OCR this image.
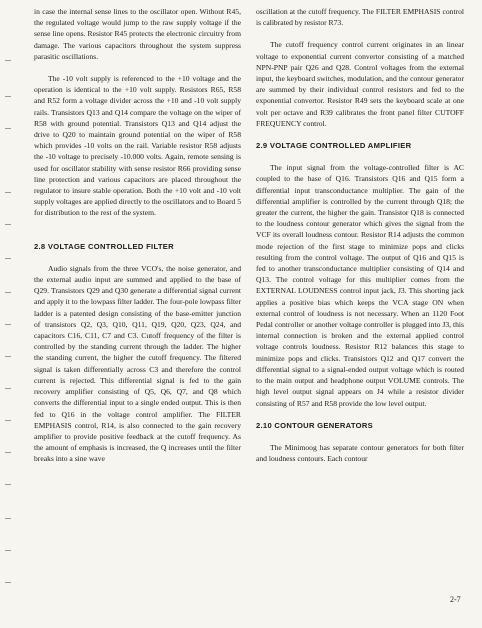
in case the internal sense lines to the oscillator open. Without R45, the regulated voltage would jump to the raw supply voltage if the sense line opens. Resistor R45 protects the electronic circuitry from damage. The various capacitors throughout the system suppress parasitic oscillations.

The -10 volt supply is referenced to the +10 voltage and the operation is identical to the +10 volt supply. Resistors R65, R58 and R52 form a voltage divider across the +10 and -10 volt supply rails. Transistors Q13 and Q14 compare the voltage on the wiper of R58 with ground potential. Transistors Q13 and Q14 adjust the drive to Q20 to maintain ground potential on the wiper of R58 which provides -10 volts on the rail. Variable resistor R58 adjusts the -10 voltage to precisely -10.000 volts. Again, remote sensing is used for oscillator stability with sense resistor R66 providing sense line protection and various capacitors are placed throughout the regulator to insure stable operation. Both the +10 volt and -10 volt supply voltages are applied directly to the oscillators and to Board 5 for distribution to the rest of the system.

2.8 VOLTAGE CONTROLLED FILTER

Audio signals from the three VCO's, the noise generator, and the external audio input are summed and applied to the base of Q29. Transistors Q29 and Q30 generate a differential signal current and apply it to the lowpass filter ladder. The four-pole lowpass filter ladder is a patented design consisting of the base-emitter junction of transistors Q2, Q3, Q10, Q11, Q19, Q20, Q23, Q24, and capacitors C16, C11, C7 and C3. Cutoff frequency of the filter is controlled by the standing current through the ladder. The higher the standing current, the higher the cutoff frequency. The filtered signal is taken differentially across C3 and therefore the control current is rejected. This differential signal is fed to the gain recovery amplifier consisting of Q5, Q6, Q7, and Q8 which converts the differential input to a single ended output. This is then fed to Q16 in the voltage control amplifier. The FILTER EMPHASIS control, R14, is also connected to the gain recovery amplifier to provide positive feedback at the cutoff frequency. As the amount of emphasis is increased, the Q increases until the filter breaks into a sine wave

oscillation at the cutoff frequency. The FILTER EMPHASIS control is calibrated by resistor R73.

The cutoff frequency control current originates in an linear voltage to exponential current convertor consisting of a matched NPN-PNP pair Q26 and Q28. Control voltages from the external input, the keyboard switches, modulation, and the contour generator are summed by their individual control resistors and fed to the exponential convertor. Resistor R49 sets the keyboard scale at one volt per octave and R39 calibrates the front panel filter CUTOFF FREQUENCY control.

2.9 VOLTAGE CONTROLLED AMPLIFIER

The input signal from the voltage-controlled filter is AC coupled to the base of Q16. Transistors Q16 and Q15 form a differential input transconductance multiplier. The gain of the differential amplifier is controlled by the current through Q18; the greater the current, the higher the gain. Transistor Q18 is connected to the loudness contour generator which gives the signal from the VCF its overall loudness contour. Resistor R14 adjusts the common mode rejection of the first stage to minimize pops and clicks resulting from the control voltage. The output of Q16 and Q15 is fed to another transconductance multiplier consisting of Q14 and Q13. The control voltage for this multiplier comes from the EXTERNAL LOUDNESS control input jack, J3. This shorting jack applies a positive bias which keeps the VCA stage ON when external control of loudness is not necessary. When an 1120 Foot Pedal controller or another voltage controller is plugged into J3, this internal connection is broken and the external applied control voltage controls loudness. Resistor R12 balances this stage to minimize pops and clicks. Transistors Q12 and Q17 convert the differential signal to a signal-ended output voltage which is routed to the main output and headphone output VOLUME controls. The high level output signal appears on J4 while a resistor divider consisting of R57 and R58 provide the low level output.

2.10 CONTOUR GENERATORS

The Minimoog has separate contour generators for both filter and loudness contours. Each contour

2-7
